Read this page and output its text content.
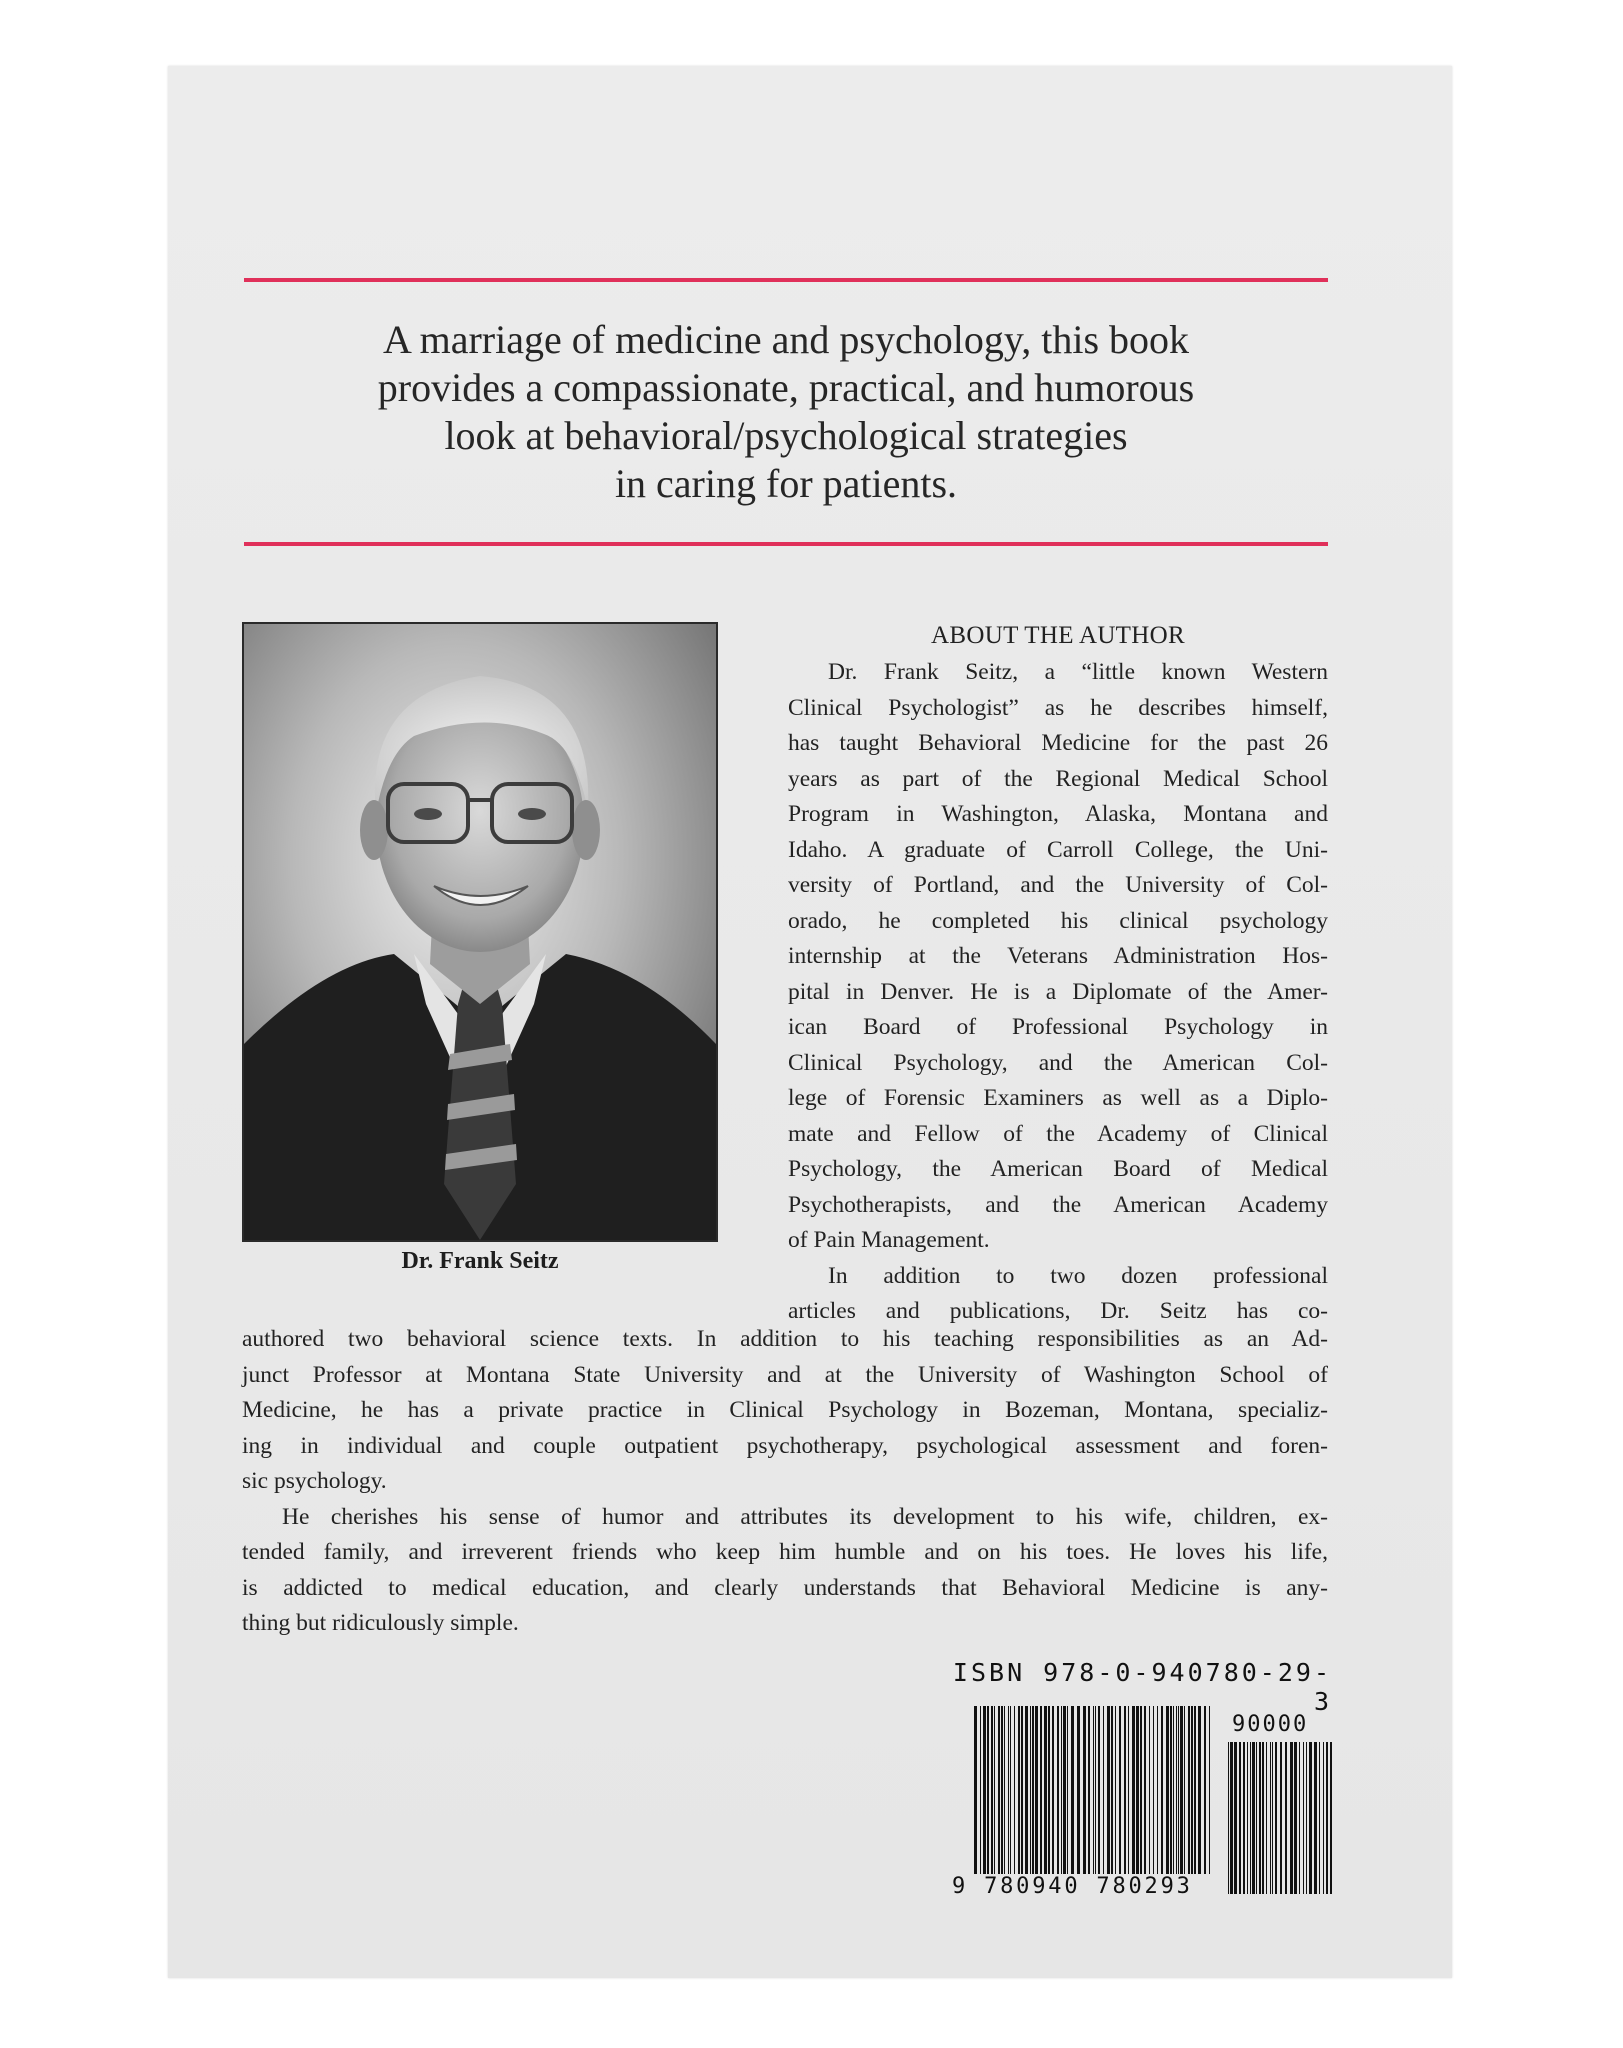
A marriage of medicine and psychology, this book
provides a compassionate, practical, and humorous
look at behavioral/psychological strategies
in caring for patients.
Dr. Frank Seitz
ABOUT THE AUTHOR
Dr. Frank Seitz, a “little known Western
Clinical Psychologist” as he describes himself,
has taught Behavioral Medicine for the past 26
years as part of the Regional Medical School
Program in Washington, Alaska, Montana and
Idaho. A graduate of Carroll College, the Uni-
versity of Portland, and the University of Col-
orado, he completed his clinical psychology
internship at the Veterans Administration Hos-
pital in Denver. He is a Diplomate of the Amer-
ican Board of Professional Psychology in
Clinical Psychology, and the American Col-
lege of Forensic Examiners as well as a Diplo-
mate and Fellow of the Academy of Clinical
Psychology, the American Board of Medical
Psychotherapists, and the American Academy
of Pain Management.
In addition to two dozen professional
articles and publications, Dr. Seitz has co-
authored two behavioral science texts. In addition to his teaching responsibilities as an Ad-
junct Professor at Montana State University and at the University of Washington School of
Medicine, he has a private practice in Clinical Psychology in Bozeman, Montana, specializ-
ing in individual and couple outpatient psychotherapy, psychological assessment and foren-
sic psychology.
He cherishes his sense of humor and attributes its development to his wife, children, ex-
tended family, and irreverent friends who keep him humble and on his toes. He loves his life,
is addicted to medical education, and clearly understands that Behavioral Medicine is any-
thing but ridiculously simple.
ISBN 978-0-940780-29-3
9 780940 780293
90000
